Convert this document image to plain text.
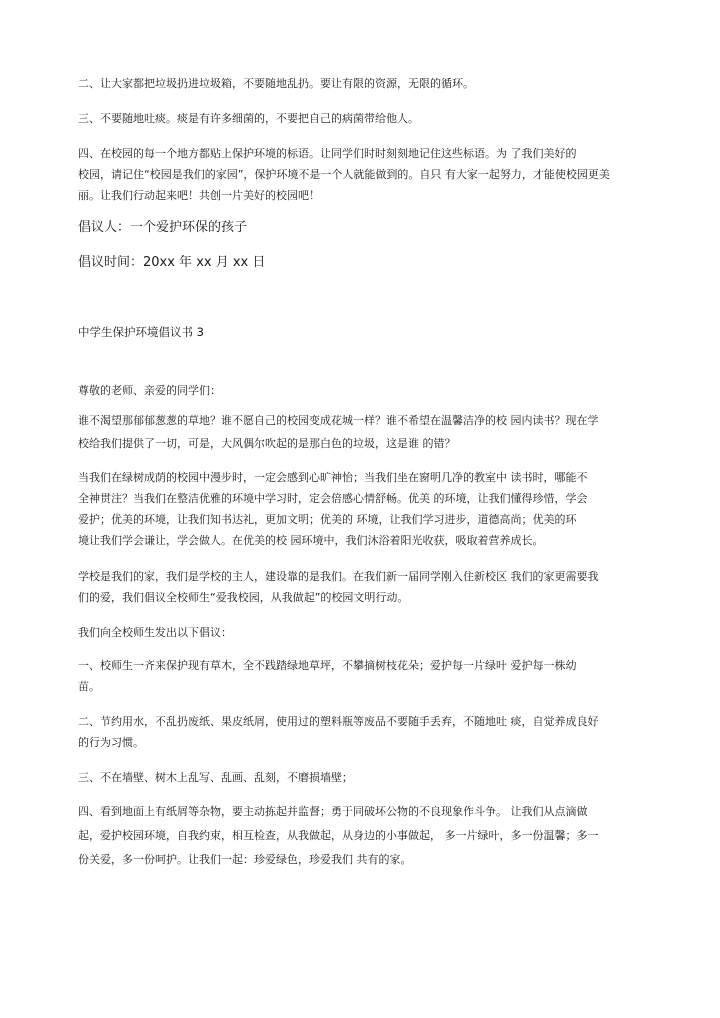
二、让大家都把垃圾扔进垃圾箱，不要随地乱扔。要让有限的资源，无限的循环。
三、不要随地吐痰。痰是有许多细菌的，不要把自己的病菌带给他人。
四、在校园的每一个地方都贴上保护环境的标语。让同学们时时刻刻地记住这些标语。为 了我们美好的
校园，请记住“校园是我们的家园”，保护环境不是一个人就能做到的。自只 有大家一起努力，才能使校园更美
丽。让我们行动起来吧！共创一片美好的校园吧！
倡议人：一个爱护环保的孩子
倡议时间：20xx 年 xx 月 xx 日
中学生保护环境倡议书 3
尊敬的老师、亲爱的同学们：
谁不渴望那郁郁葱葱的草地？谁不愿自己的校园变成花城一样？谁不希望在温馨洁净的校 园内读书？现在学
校给我们提供了一切，可是，大风偶尔吹起的是那白色的垃圾，这是谁 的错？
当我们在绿树成荫的校园中漫步时，一定会感到心旷神怡；当我们坐在窗明几净的教室中 读书时，哪能不
全神贯注？当我们在整洁优雅的环境中学习时，定会倍感心情舒畅。优美 的环境，让我们懂得珍惜，学会
爱护；优美的环境，让我们知书达礼，更加文明；优美的 环境，让我们学习进步，道德高尚；优美的环
境让我们学会谦让，学会做人。在优美的校 园环境中，我们沐浴着阳光收获，吸取着营养成长。
学校是我们的家，我们是学校的主人，建设靠的是我们。在我们新一届同学刚入住新校区 我们的家更需要我
们的爱，我们倡议全校师生“爱我校园，从我做起”的校园文明行动。
我们向全校师生发出以下倡议：
一、校师生一齐来保护现有草木，全不践踏绿地草坪，不攀摘树枝花朵；爱护每一片绿叶 爱护每一株幼
苗。
二、节约用水，不乱扔废纸、果皮纸屑，使用过的塑料瓶等废品不要随手丢弃，不随地吐 痰，自觉养成良好
的行为习惯。
三、不在墙壁、树木上乱写、乱画、乱刻，不磨损墙壁；
四、看到地面上有纸屑等杂物，要主动拣起并监督；勇于同破坏公物的不良现象作斗争。 让我们从点滴做
起，爱护校园环境，自我约束，相互检查，从我做起，从身边的小事做起， 多一片绿叶，多一份温馨；多一
份关爱，多一份呵护。让我们一起：珍爱绿色，珍爱我们 共有的家。
